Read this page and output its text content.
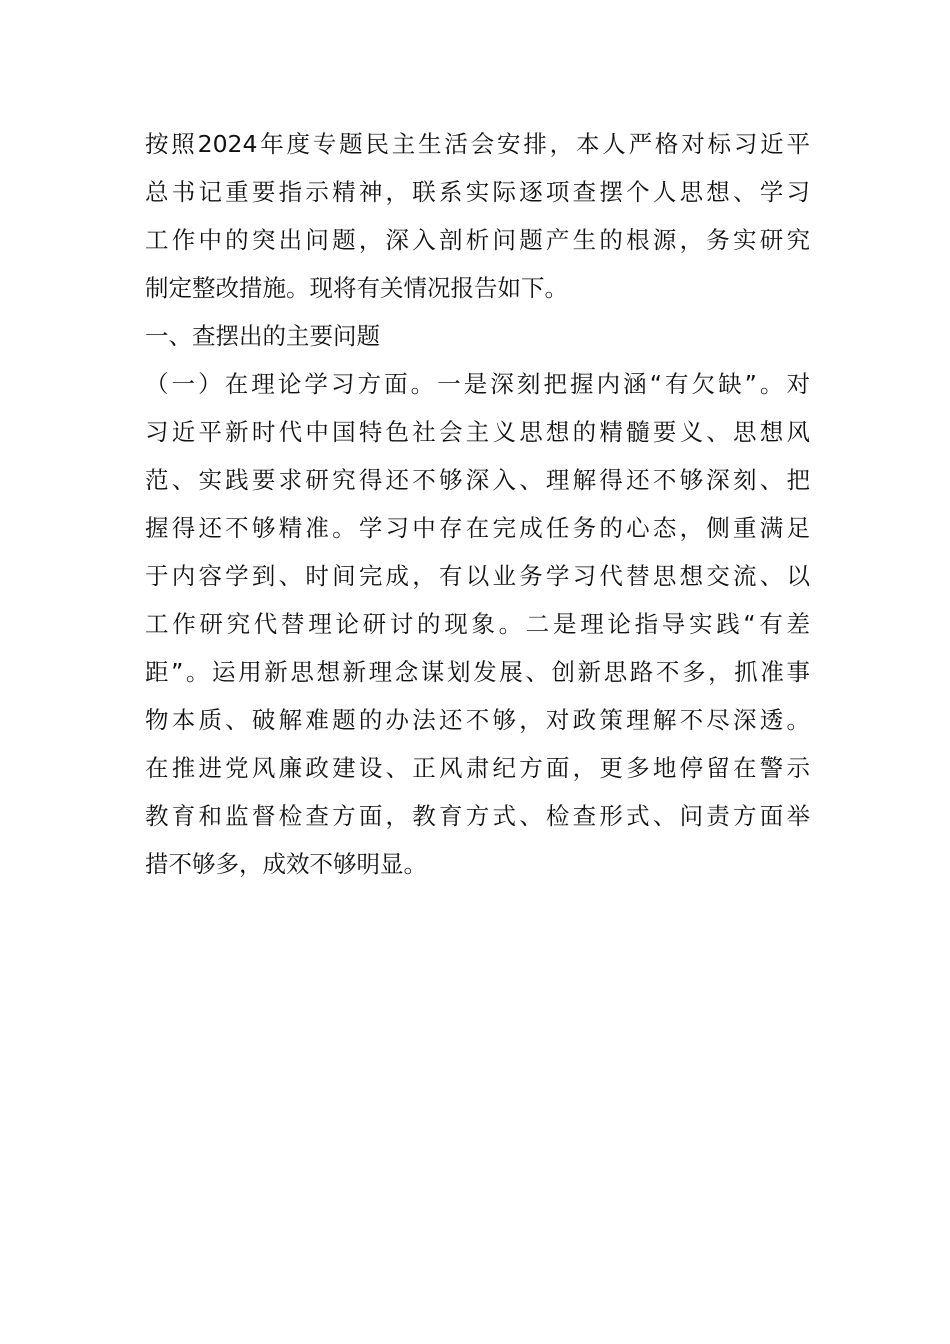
按照2024年度专题民主生活会安排，本人严格对标习近平
总书记重要指示精神，联系实际逐项查摆个人思想、学习
工作中的突出问题，深入剖析问题产生的根源，务实研究
制定整改措施。现将有关情况报告如下。
一、查摆出的主要问题
（一）在理论学习方面。一是深刻把握内涵“有欠缺”。对
习近平新时代中国特色社会主义思想的精髓要义、思想风
范、实践要求研究得还不够深入、理解得还不够深刻、把
握得还不够精准。学习中存在完成任务的心态，侧重满足
于内容学到、时间完成，有以业务学习代替思想交流、以
工作研究代替理论研讨的现象。二是理论指导实践“有差
距”。运用新思想新理念谋划发展、创新思路不多，抓准事
物本质、破解难题的办法还不够，对政策理解不尽深透。
在推进党风廉政建设、正风肃纪方面，更多地停留在警示
教育和监督检查方面，教育方式、检查形式、问责方面举
措不够多，成效不够明显。
